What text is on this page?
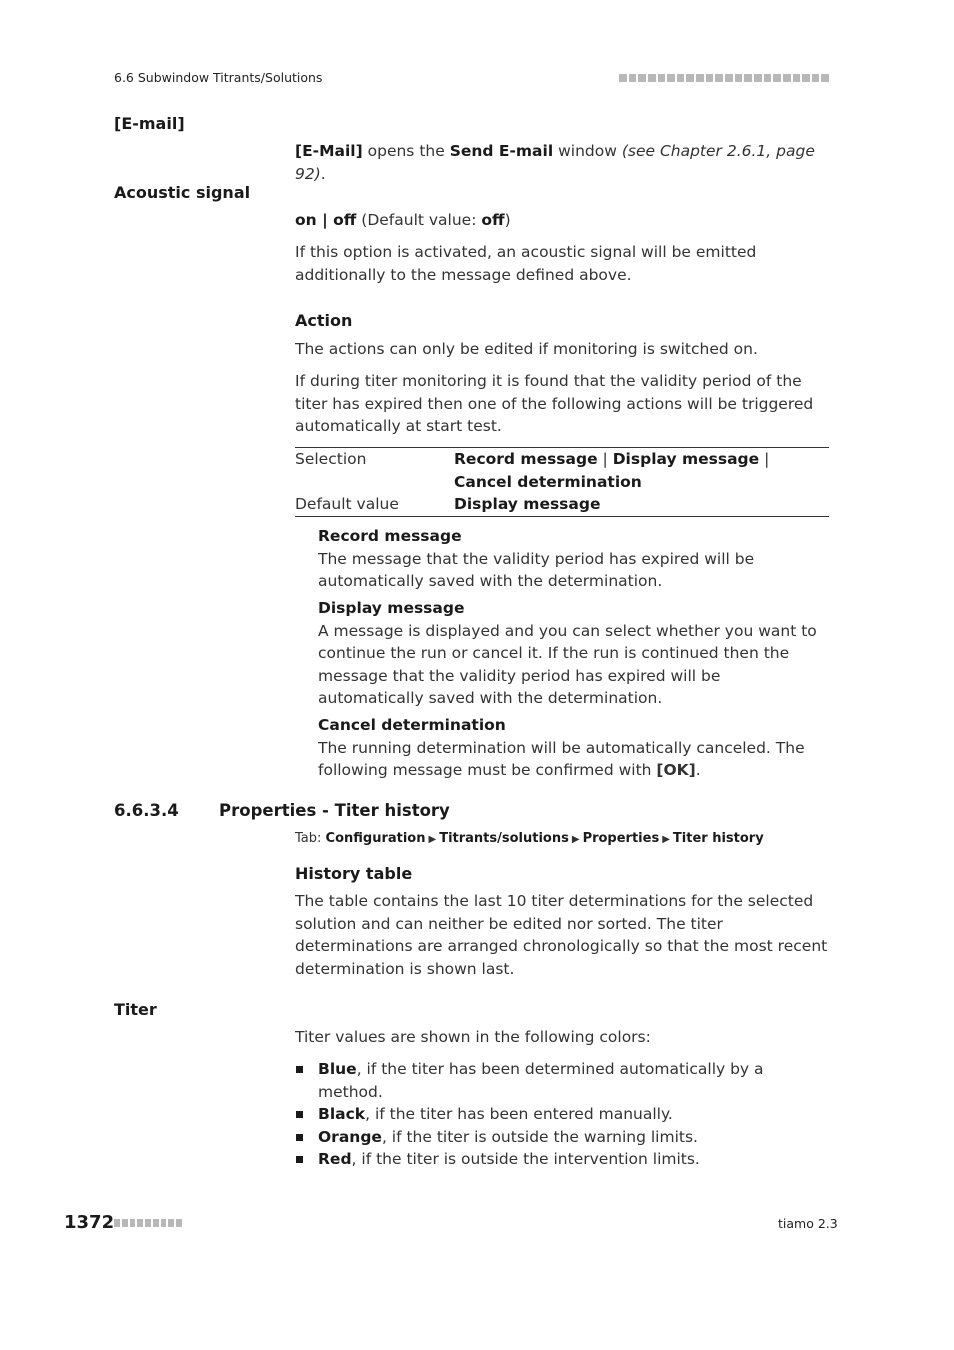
6.6 Subwindow Titrants/Solutions
[E-mail]
[E-Mail] opens the Send E-mail window (see Chapter 2.6.1, page 92).
Acoustic signal
on | off (Default value: off)
If this option is activated, an acoustic signal will be emitted additionally to the message defined above.
Action
The actions can only be edited if monitoring is switched on.
If during titer monitoring it is found that the validity period of the titer has expired then one of the following actions will be triggered automatically at start test.
Selection	Record message | Display message | Cancel determination
Default value	Display message
Record message
The message that the validity period has expired will be automatically saved with the determination.
Display message
A message is displayed and you can select whether you want to continue the run or cancel it. If the run is continued then the message that the validity period has expired will be automatically saved with the determination.
Cancel determination
The running determination will be automatically canceled. The following message must be confirmed with [OK].
6.6.3.4 Properties - Titer history
Tab: Configuration ▶ Titrants/solutions ▶ Properties ▶ Titer history
History table
The table contains the last 10 titer determinations for the selected solution and can neither be edited nor sorted. The titer determinations are arranged chronologically so that the most recent determination is shown last.
Titer
Titer values are shown in the following colors:
Blue, if the titer has been determined automatically by a method.
Black, if the titer has been entered manually.
Orange, if the titer is outside the warning limits.
Red, if the titer is outside the intervention limits.
1372	tiamo 2.3
